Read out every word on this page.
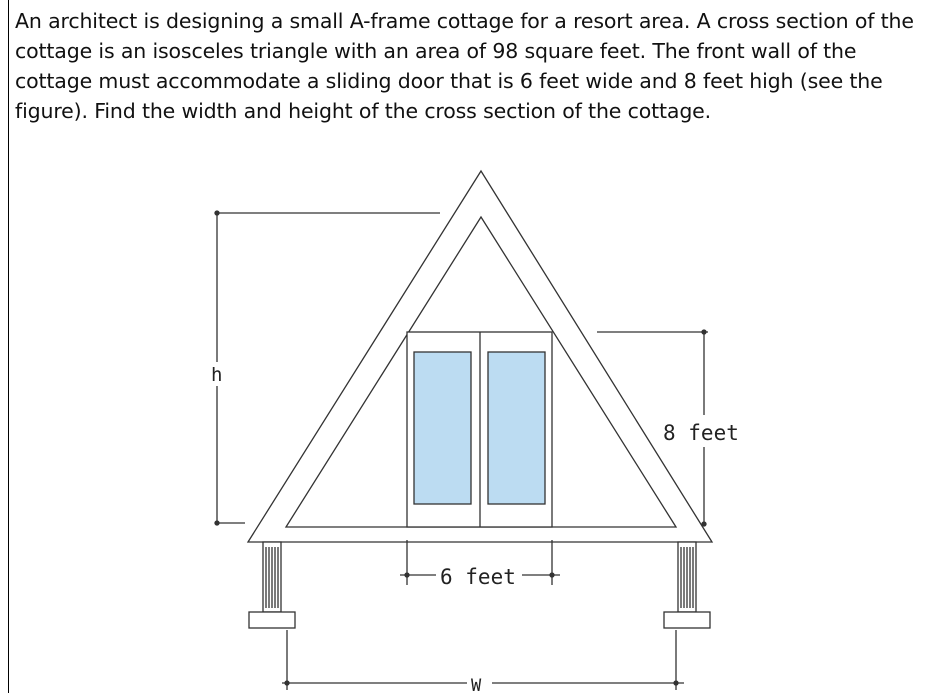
An architect is designing a small A-frame cottage for a resort area. A cross section of the cottage is an isosceles triangle with an area of 98 square feet. The front wall of the cottage must accommodate a sliding door that is 6 feet wide and 8 feet high (see the figure). Find the width and height of the cross section of the cottage.

h
8 feet
6 feet
W
